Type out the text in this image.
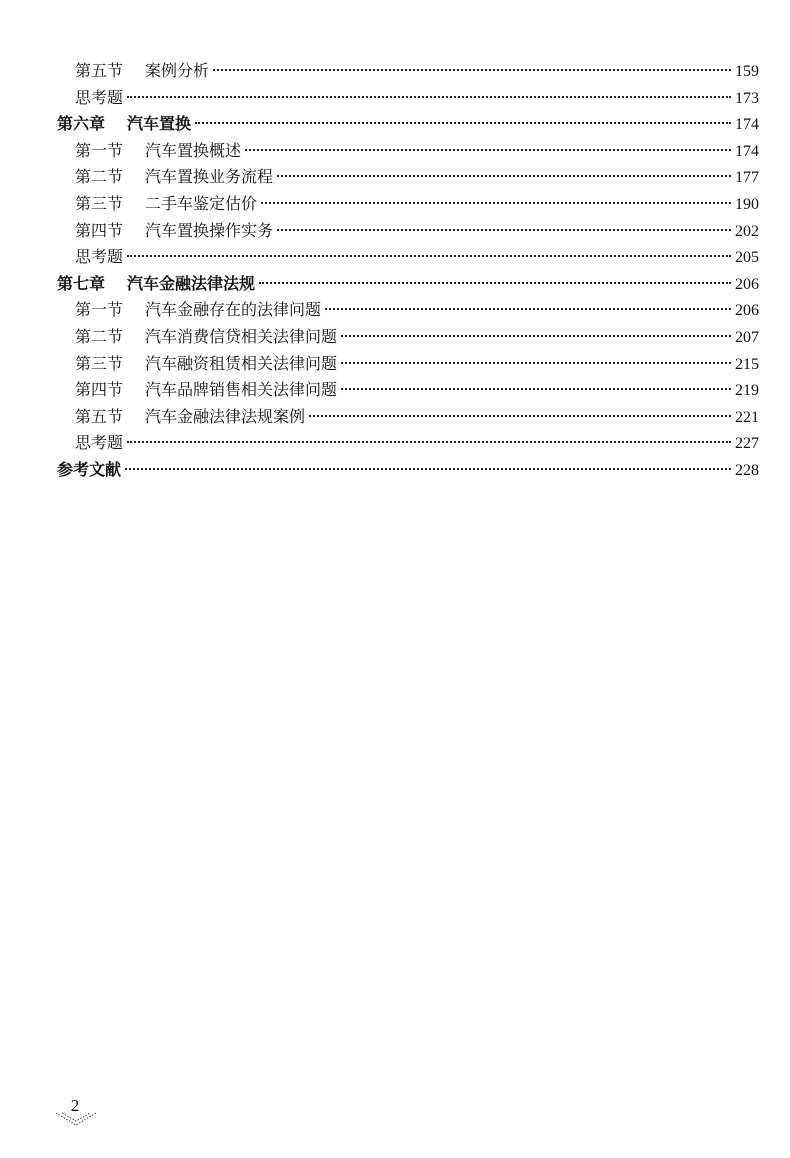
第五节	案例分析	159
思考题	173
第六章	汽车置换	174
第一节	汽车置换概述	174
第二节	汽车置换业务流程	177
第三节	二手车鉴定估价	190
第四节	汽车置换操作实务	202
思考题	205
第七章	汽车金融法律法规	206
第一节	汽车金融存在的法律问题	206
第二节	汽车消费信贷相关法律问题	207
第三节	汽车融资租赁相关法律问题	215
第四节	汽车品牌销售相关法律问题	219
第五节	汽车金融法律法规案例	221
思考题	227
参考文献	228
2
